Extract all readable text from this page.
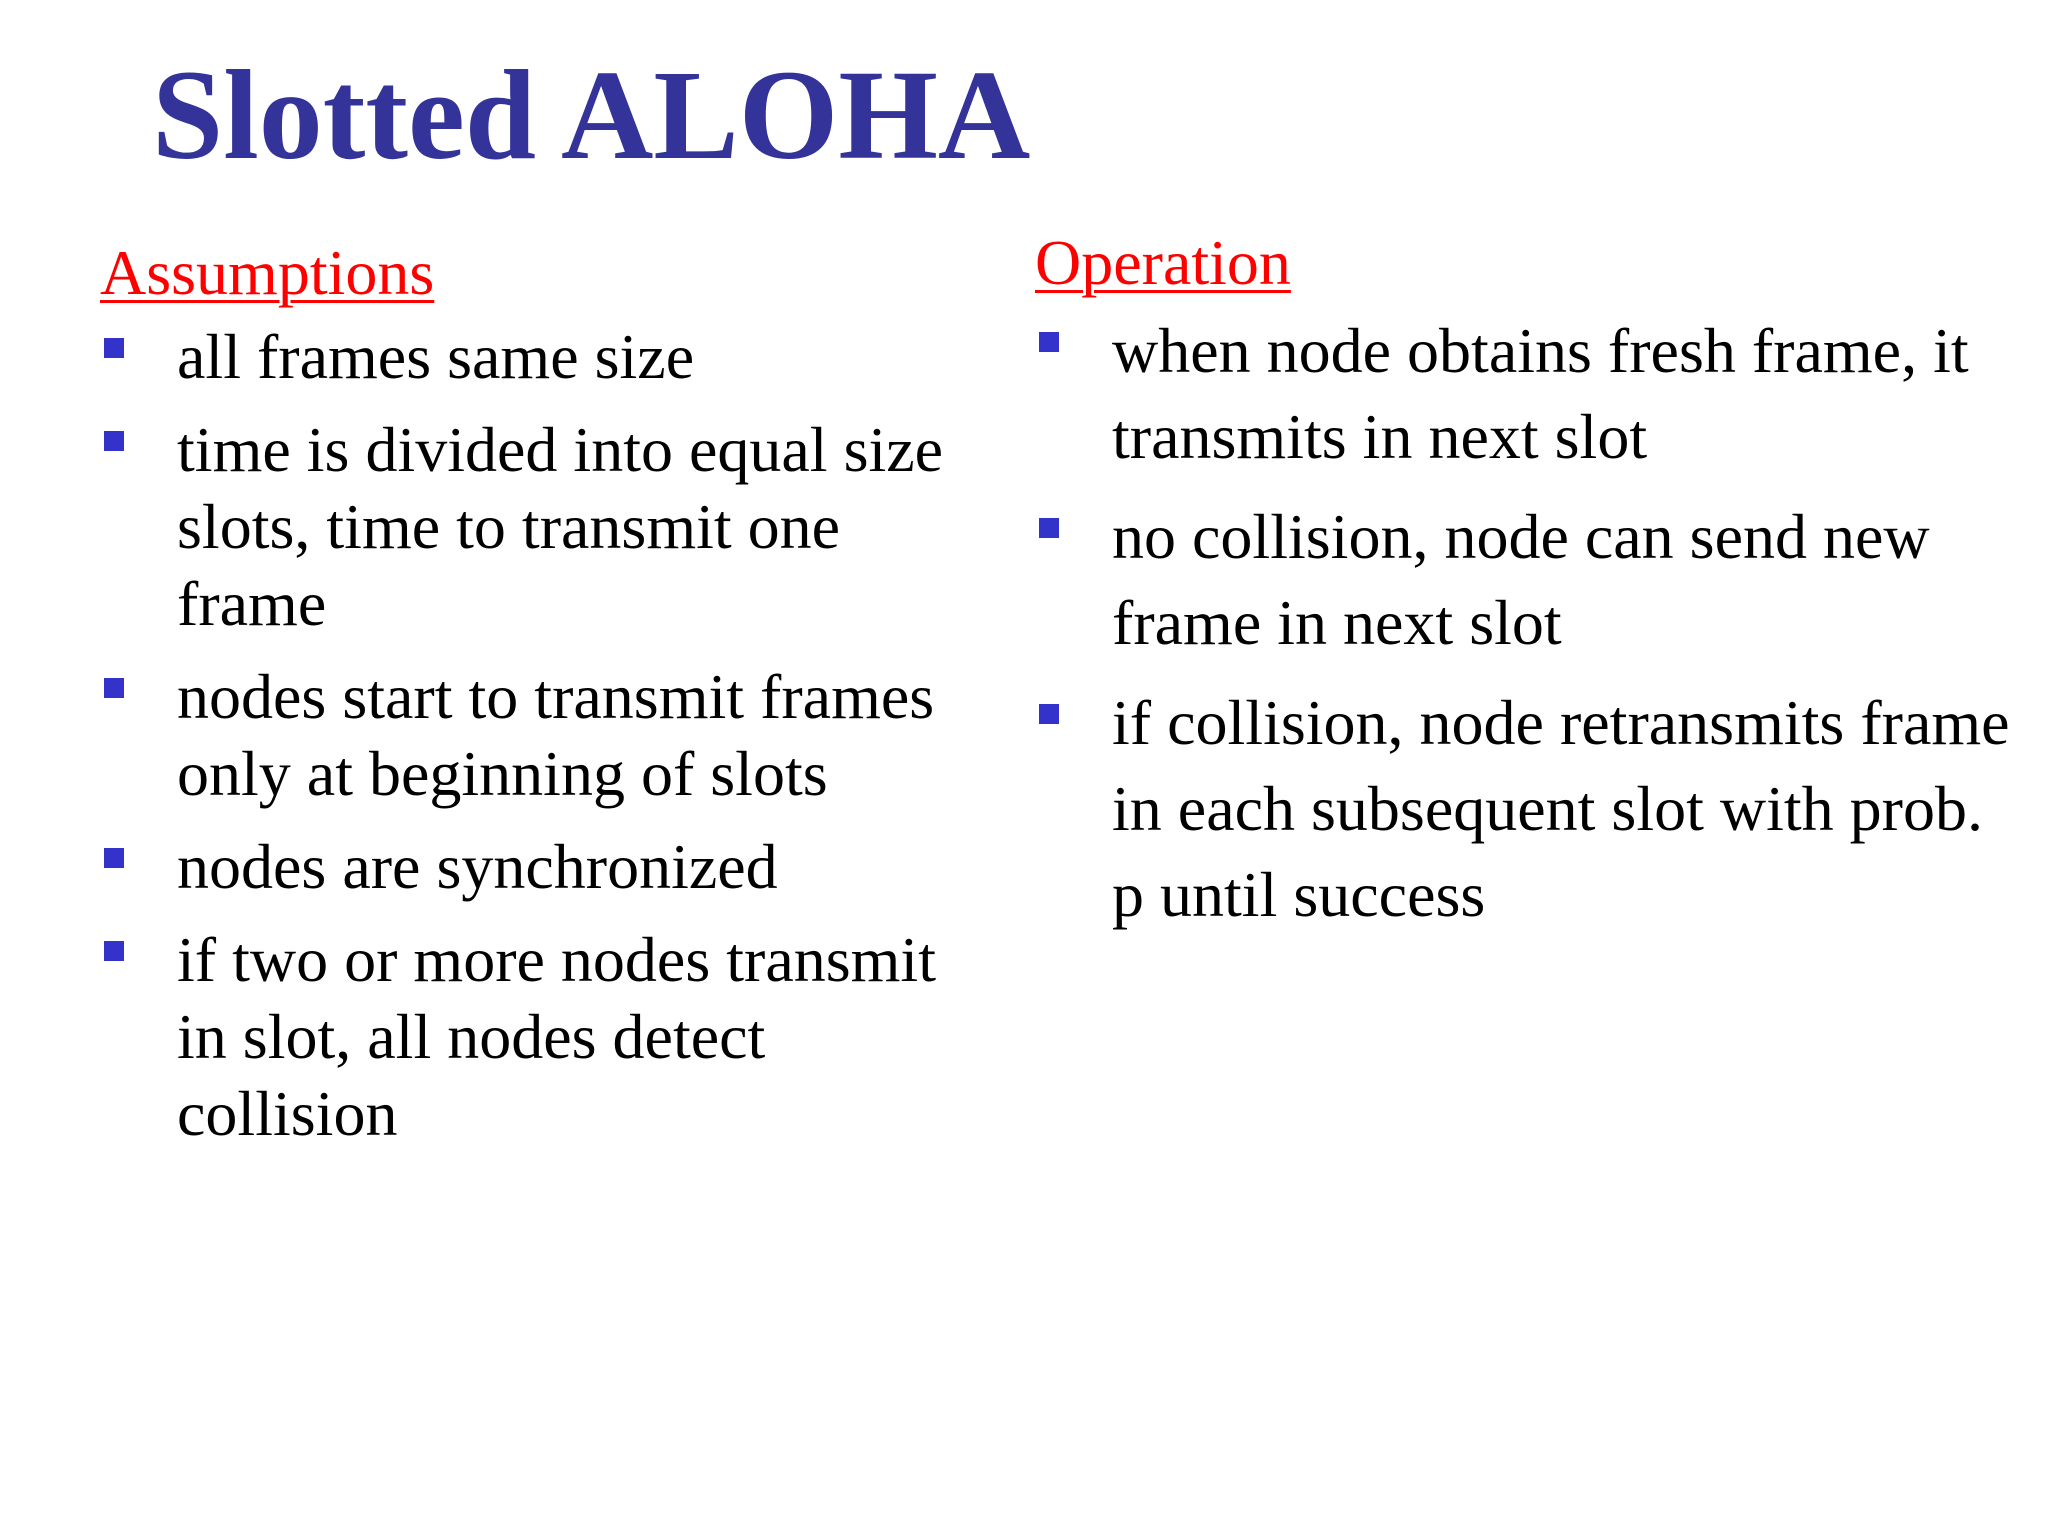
Slotted ALOHA
Assumptions
all frames same size
time is divided into equal size slots, time to transmit one frame
nodes start to transmit frames only at beginning of slots
nodes are synchronized
if two or more nodes transmit in slot, all nodes detect collision
Operation
when node obtains fresh frame, it transmits in next slot
no collision, node can send new frame in next slot
if collision, node retransmits frame in each subsequent slot with prob. p until success
